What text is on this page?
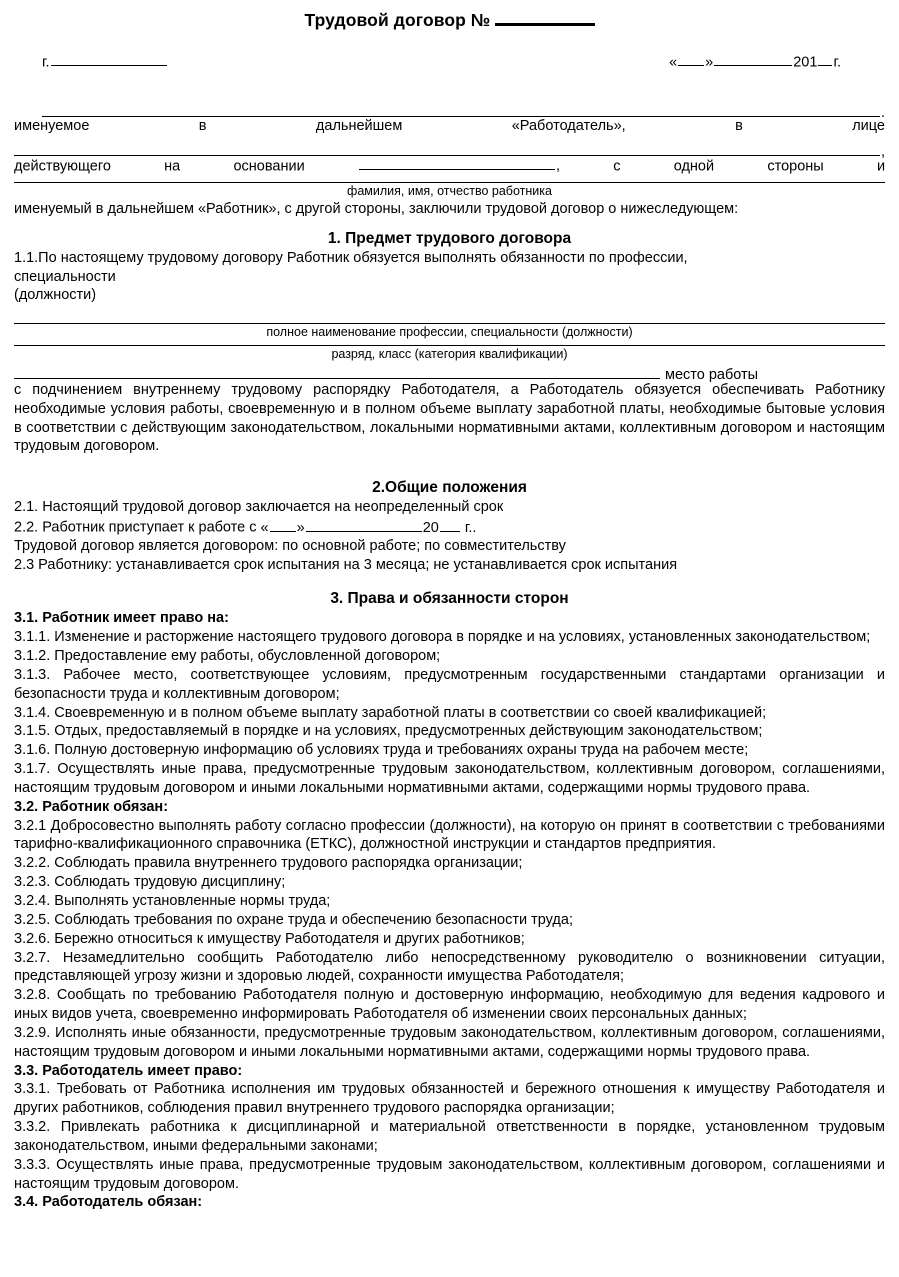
Трудовой договор №
г.	« »	201 г.
.

именуемое в дальнейшем «Работодатель», в лице

,

действующего	на	основании	,	с	одной	стороны	и

фамилия, имя, отчество работника

именуемый в дальнейшем «Работник», с другой стороны, заключили трудовой договор о нижеследующем:

1. Предмет трудового договора

1.1.По настоящему трудовому договору Работник обязуется выполнять обязанности по профессии,

специальности

(должности)

полное наименование профессии, специальности (должности)
разряд, класс (категория квалификации)
место работы

с подчинением внутреннему трудовому распорядку Работодателя, а Работодатель обязуется обеспечивать Работнику необходимые условия работы, своевременную и в полном объеме выплату заработной платы, необходимые бытовые условия в соответствии с действующим законодательством, локальными нормативными актами, коллективным договором и настоящим трудовым договором.

2.Общие положения

2.1. Настоящий трудовой договор заключается на неопределенный срок

2.2. Работник приступает к работе с « »	20 г..

Трудовой договор является договором: по основной работе; по совместительству

2.3 Работнику: устанавливается срок испытания на 3 месяца; не устанавливается срок испытания

3. Права и обязанности сторон
3.1. Работник имеет право на:

3.1.1. Изменение и расторжение настоящего трудового договора в порядке и на условиях, установленных законодательством;

3.1.2. Предоставление ему работы, обусловленной договором;

3.1.3. Рабочее место, соответствующее условиям, предусмотренным государственными стандартами организации и безопасности труда и коллективным договором;

3.1.4. Своевременную и в полном объеме выплату заработной платы в соответствии со своей квалификацией;

3.1.5. Отдых, предоставляемый в порядке и на условиях, предусмотренных действующим законодательством;

3.1.6. Полную достоверную информацию об условиях труда и требованиях охраны труда на рабочем месте;

3.1.7. Осуществлять иные права, предусмотренные трудовым законодательством, коллективным договором, соглашениями, настоящим трудовым договором и иными локальными нормативными актами, содержащими нормы трудового права.

3.2. Работник обязан:

3.2.1 Добросовестно выполнять работу согласно профессии (должности), на которую он принят в соответствии с требованиями тарифно-квалификационного справочника (ЕТКС), должностной инструкции и стандартов предприятия.

3.2.2. Соблюдать правила внутреннего трудового распорядка организации;

3.2.3. Соблюдать трудовую дисциплину;

3.2.4. Выполнять установленные нормы труда;

3.2.5. Соблюдать требования по охране труда и обеспечению безопасности труда;

3.2.6. Бережно относиться к имуществу Работодателя и других работников;

3.2.7. Незамедлительно сообщить Работодателю либо непосредственному руководителю о возникновении ситуации, представляющей угрозу жизни и здоровью людей, сохранности имущества Работодателя;

3.2.8. Сообщать по требованию Работодателя полную и достоверную информацию, необходимую для ведения кадрового и иных видов учета, своевременно информировать Работодателя об изменении своих персональных данных;

3.2.9. Исполнять иные обязанности, предусмотренные трудовым законодательством, коллективным договором, соглашениями, настоящим трудовым договором и иными локальными нормативными актами, содержащими нормы трудового права.

3.3. Работодатель имеет право:

3.3.1. Требовать от Работника исполнения им трудовых обязанностей и бережного отношения к имуществу Работодателя и других работников, соблюдения правил внутреннего трудового распорядка организации;

3.3.2. Привлекать работника к дисциплинарной и материальной ответственности в порядке, установленном трудовым законодательством, иными федеральными законами;

3.3.3. Осуществлять иные права, предусмотренные трудовым законодательством, коллективным договором, соглашениями и настоящим трудовым договором.

3.4. Работодатель обязан:
